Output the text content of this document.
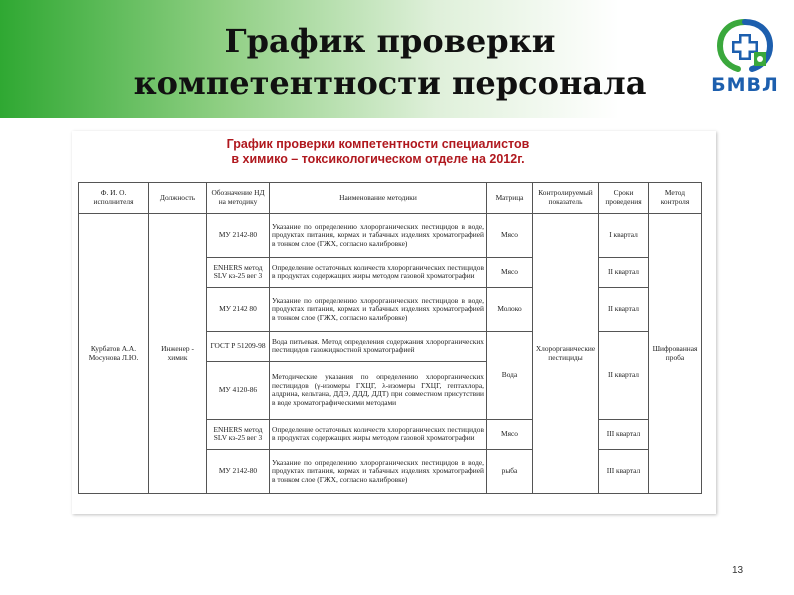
График проверки
компетентности персонала	БМВЛ
График проверки компетентности специалистов
в химико – токсикологическом отделе на 2012г.
Ф. И. О. исполнителя	Должность	Обозначение НД на методику	Наименование методики	Матрица	Контролируемый показатель	Сроки проведения	Метод контроля
Курбатов А.А. Мосунова Л.Ю.	Инженер - химик	МУ 2142-80	Указание по определению хлорорганических пестицидов в воде, продуктах питания, кормах и табачных изделиях хроматографией в тонком слое (ГЖХ, согласно калибровке)	Мясо	Хлорорганические пестициды	I квартал	Шифрованная проба
		ENHERS метод SLV кз-25 вег 3	Определение остаточных количеств хлорорганических пестицидов в продуктах содержащих жиры методом газовой хроматографии	Мясо		II квартал	
		МУ 2142 80	Указание по определению хлорорганических пестицидов в воде, продуктах питания, кормах и табачных изделиях хроматографией в тонком слое (ГЖХ, согласно калибровке)	Молоко		II квартал	
		ГОСТ Р 51209-98	Вода питьевая. Метод определения содержания хлорорганических пестицидов газожидкостной хроматографией	Вода		II квартал	
		МУ 4120-86	Методические указания по определению хлорорганических пестицидов (γ-изомеры ГХЦГ, λ-изомеры ГХЦГ, гептахлора, алдрина, кельтана, ДДЭ, ДДД, ДДТ) при совместном присутствии в воде хроматографическими методами				
		ENHERS метод SLV кз-25 вег 3	Определение остаточных количеств хлорорганических пестицидов в продуктах содержащих жиры методом газовой хроматографии	Мясо		III квартал	
		МУ 2142-80	Указание по определению хлорорганических пестицидов в воде, продуктах питания, кормах и табачных изделиях хроматографией в тонком слое (ГЖХ, согласно калибровке)	рыба		III квартал	
13
